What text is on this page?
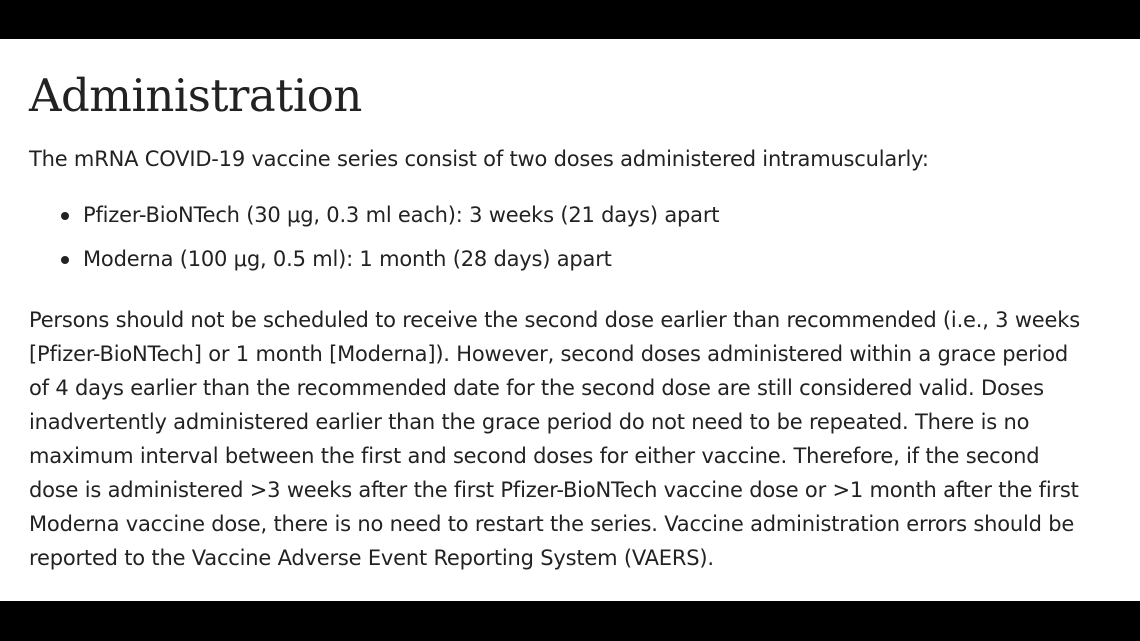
Administration

The mRNA COVID-19 vaccine series consist of two doses administered intramuscularly:

Pfizer-BioNTech (30 μg, 0.3 ml each): 3 weeks (21 days) apart
Moderna (100 μg, 0.5 ml): 1 month (28 days) apart

Persons should not be scheduled to receive the second dose earlier than recommended (i.e., 3 weeks
[Pfizer-BioNTech] or 1 month [Moderna]). However, second doses administered within a grace period
of 4 days earlier than the recommended date for the second dose are still considered valid. Doses
inadvertently administered earlier than the grace period do not need to be repeated. There is no
maximum interval between the first and second doses for either vaccine. Therefore, if the second
dose is administered >3 weeks after the first Pfizer-BioNTech vaccine dose or >1 month after the first
Moderna vaccine dose, there is no need to restart the series. Vaccine administration errors should be
reported to the Vaccine Adverse Event Reporting System (VAERS).
